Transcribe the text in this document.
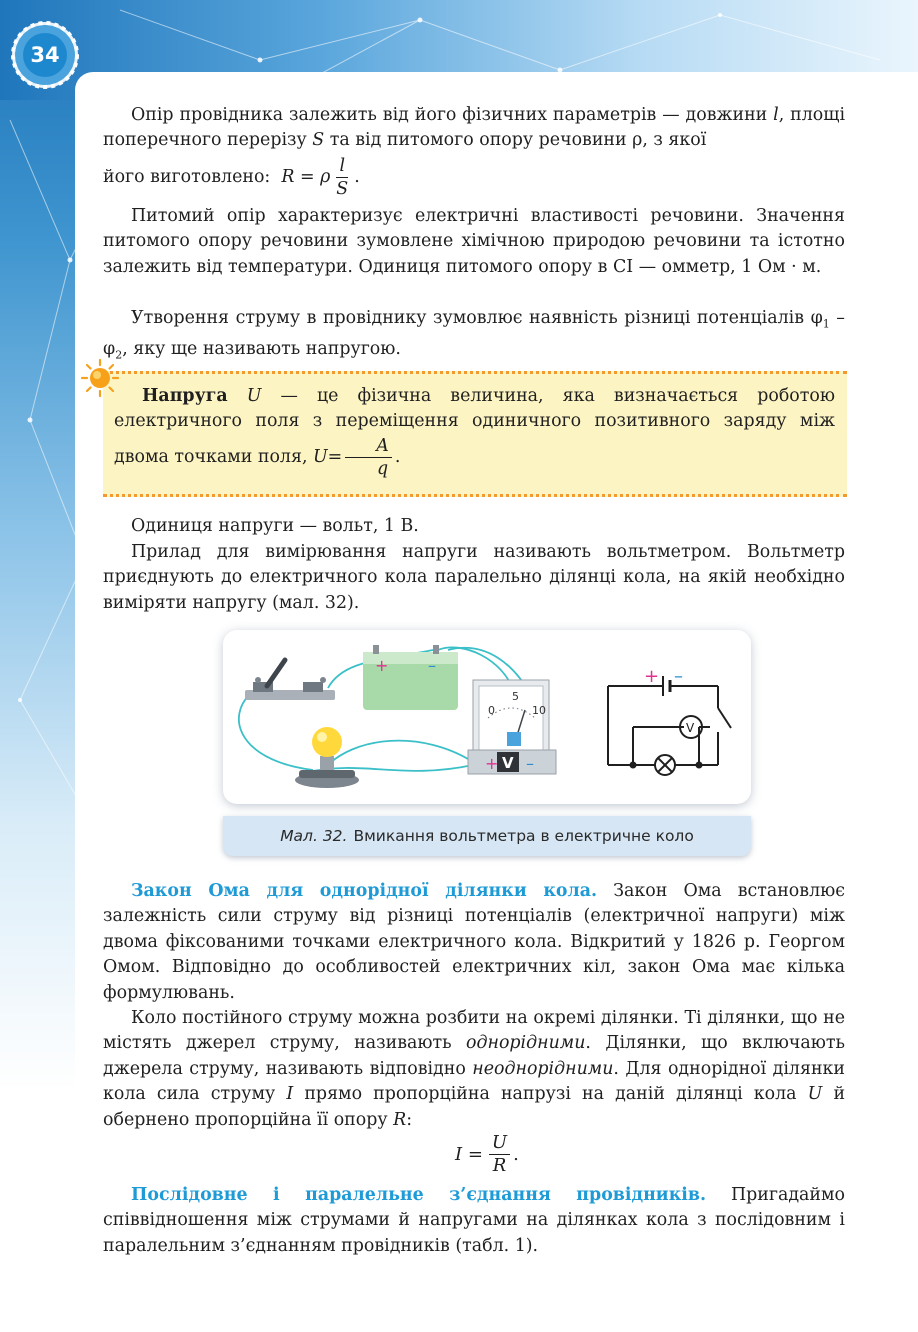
34

Опір провідника залежить від його фізичних параметрів — довжини l, площі поперечного перерізу S та від питомого опору речовини ρ, з якої

його виготовлено: R = ρ $\frac{l}{S}$ .

Питомий опір характеризує електричні властивості речовини. Значення питомого опору речовини зумовлене хімічною природою речовини та істотно залежить від температури. Одиниця питомого опору в СІ — омметр, 1 Ом · м.

Утворення струму в провіднику зумовлює наявність різниці потенціалів $\varphi_1 - \varphi_2$, яку ще називають напругою.

Напруга U — це фізична величина, яка визначається роботою електричного поля з переміщення одиничного позитивного заряду між двома точками поля, $U= \frac{A}{q}$ .

Одиниця напруги — вольт, 1 В.

Прилад для вимірювання напруги називають вольтметром. Вольтметр приєднують до електричного кола паралельно ділянці кола, на якій необхідно виміряти напругу (мал. 32).

+ –
0
5
10
+ V –
+ –
V
Мал. 32. Вмикання вольтметра в електричне коло

Закон Ома для однорідної ділянки кола. Закон Ома встановлює залежність сили струму від різниці потенціалів (електричної напруги) між двома фіксованими точками електричного кола. Відкритий у 1826 р. Георгом Омом. Відповідно до особливостей електричних кіл, закон Ома має кілька формулювань.

Коло постійного струму можна розбити на окремі ділянки. Ті ділянки, що не містять джерел струму, називають однорідними. Ділянки, що включають джерела струму, називають відповідно неоднорідними. Для однорідної ділянки кола сила струму I прямо пропорційна напрузі на даній ділянці кола U й обернено пропорційна її опору R:

$I = \frac{U}{R}$ .

Послідовне і паралельне з’єднання провідників. Пригадаймо співвідношення між струмами й напругами на ділянках кола з послідовним і паралельним з’єднанням провідників (табл. 1).
